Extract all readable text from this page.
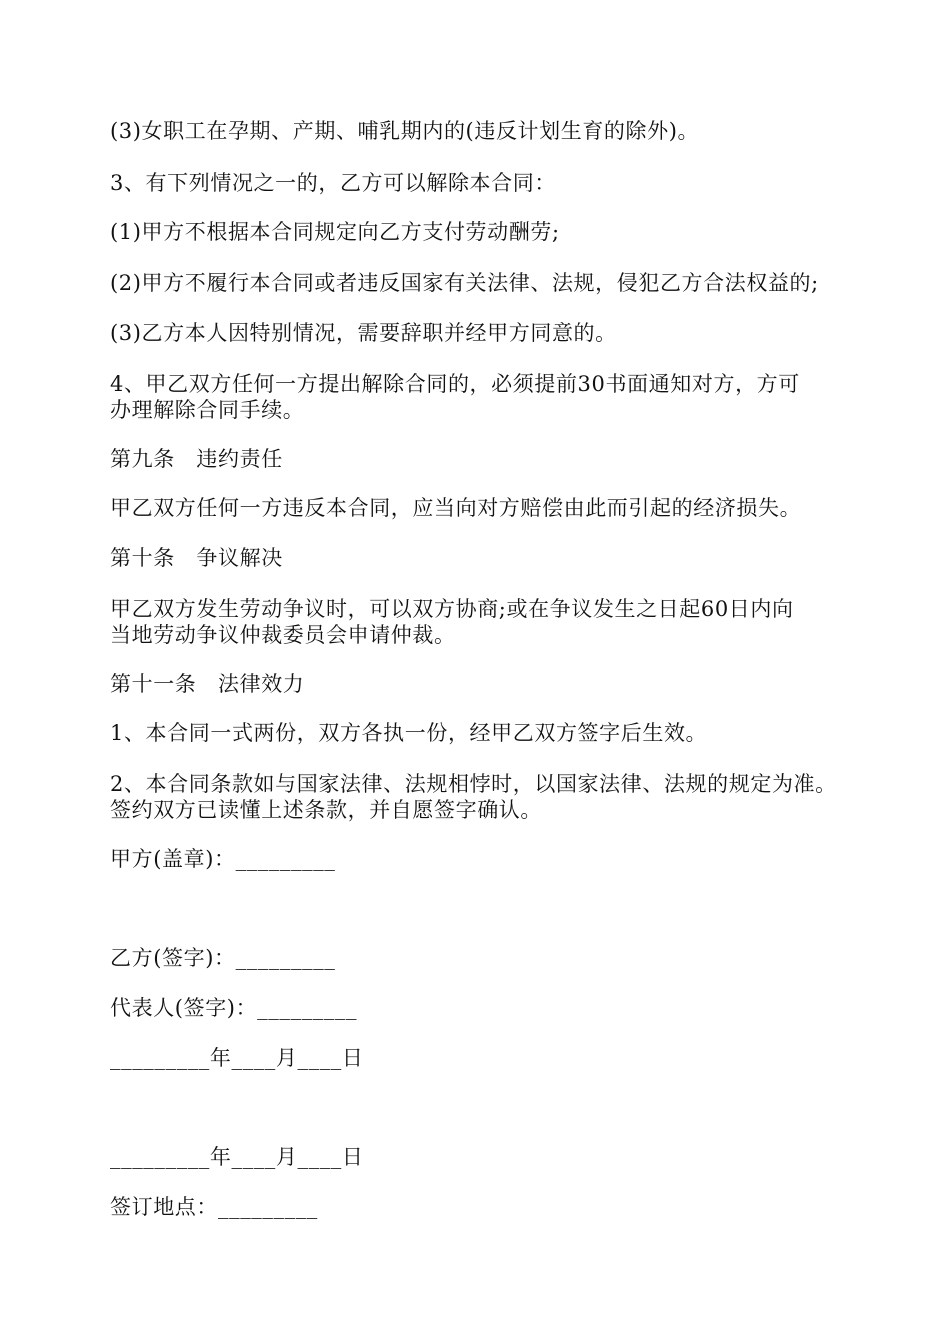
(3)女职工在孕期、产期、哺乳期内的(违反计划生育的除外)。
3、有下列情况之一的，乙方可以解除本合同：
(1)甲方不根据本合同规定向乙方支付劳动酬劳;
(2)甲方不履行本合同或者违反国家有关法律、法规，侵犯乙方合法权益的;
(3)乙方本人因特别情况，需要辞职并经甲方同意的。
4、甲乙双方任何一方提出解除合同的，必须提前30书面通知对方，方可
办理解除合同手续。
第九条　违约责任
甲乙双方任何一方违反本合同，应当向对方赔偿由此而引起的经济损失。
第十条　争议解决
甲乙双方发生劳动争议时，可以双方协商;或在争议发生之日起60日内向
当地劳动争议仲裁委员会申请仲裁。
第十一条　法律效力
1、本合同一式两份，双方各执一份，经甲乙双方签字后生效。
2、本合同条款如与国家法律、法规相悖时，以国家法律、法规的规定为准。
签约双方已读懂上述条款，并自愿签字确认。
甲方(盖章)：_________
乙方(签字)：_________
代表人(签字)：_________
_________年____月____日
_________年____月____日
签订地点：_________
